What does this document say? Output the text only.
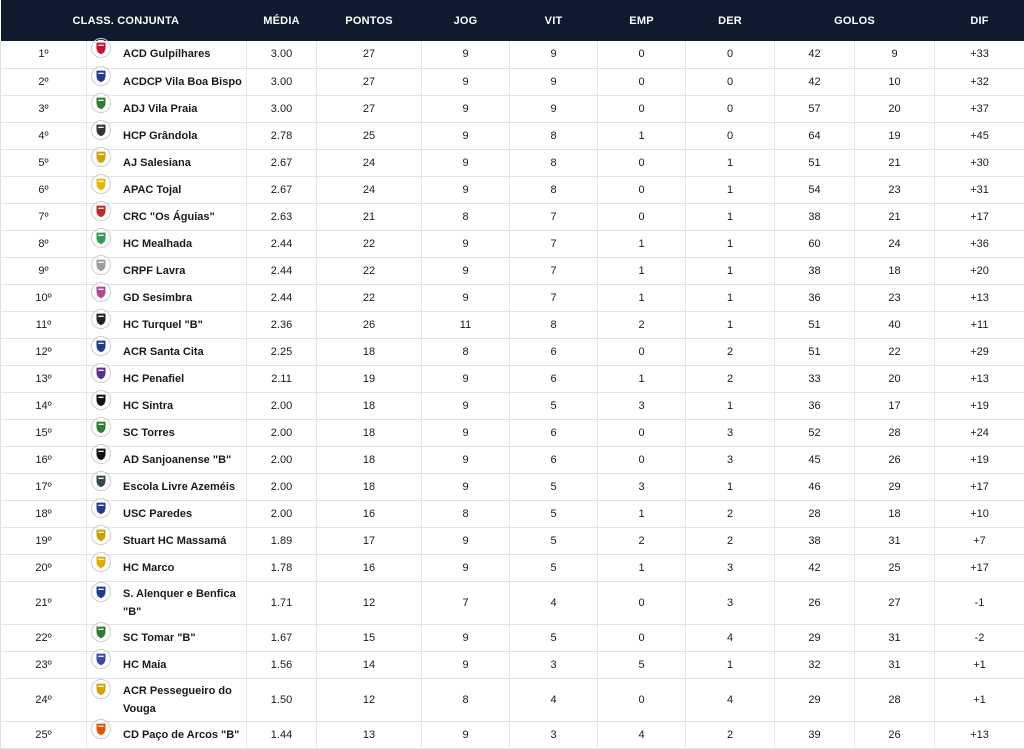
CLASS. CONJUNTA		MÉDIA	PONTOS	JOG	VIT	EMP	DER	GOLOS		DIF
1º	ACD Gulpilhares	3.00	27	9	9	0	0	42	9	+33
2º	ACDCP Vila Boa Bispo	3.00	27	9	9	0	0	42	10	+32
3º	ADJ Vila Praia	3.00	27	9	9	0	0	57	20	+37
4º	HCP Grândola	2.78	25	9	8	1	0	64	19	+45
5º	AJ Salesiana	2.67	24	9	8	0	1	51	21	+30
6º	APAC Tojal	2.67	24	9	8	0	1	54	23	+31
7º	CRC "Os Águias"	2.63	21	8	7	0	1	38	21	+17
8º	HC Mealhada	2.44	22	9	7	1	1	60	24	+36
9º	CRPF Lavra	2.44	22	9	7	1	1	38	18	+20
10º	GD Sesimbra	2.44	22	9	7	1	1	36	23	+13
11º	HC Turquel "B"	2.36	26	11	8	2	1	51	40	+11
12º	ACR Santa Cita	2.25	18	8	6	0	2	51	22	+29
13º	HC Penafiel	2.11	19	9	6	1	2	33	20	+13
14º	HC Sintra	2.00	18	9	5	3	1	36	17	+19
15º	SC Torres	2.00	18	9	6	0	3	52	28	+24
16º	AD Sanjoanense "B"	2.00	18	9	6	0	3	45	26	+19
17º	Escola Livre Azeméis	2.00	18	9	5	3	1	46	29	+17
18º	USC Paredes	2.00	16	8	5	1	2	28	18	+10
19º	Stuart HC Massamá	1.89	17	9	5	2	2	38	31	+7
20º	HC Marco	1.78	16	9	5	1	3	42	25	+17
21º	S. Alenquer e Benfica "B"	1.71	12	7	4	0	3	26	27	-1
22º	SC Tomar "B"	1.67	15	9	5	0	4	29	31	-2
23º	HC Maia	1.56	14	9	3	5	1	32	31	+1
24º	ACR Pessegueiro do Vouga	1.50	12	8	4	0	4	29	28	+1
25º	CD Paço de Arcos "B"	1.44	13	9	3	4	2	39	26	+13
